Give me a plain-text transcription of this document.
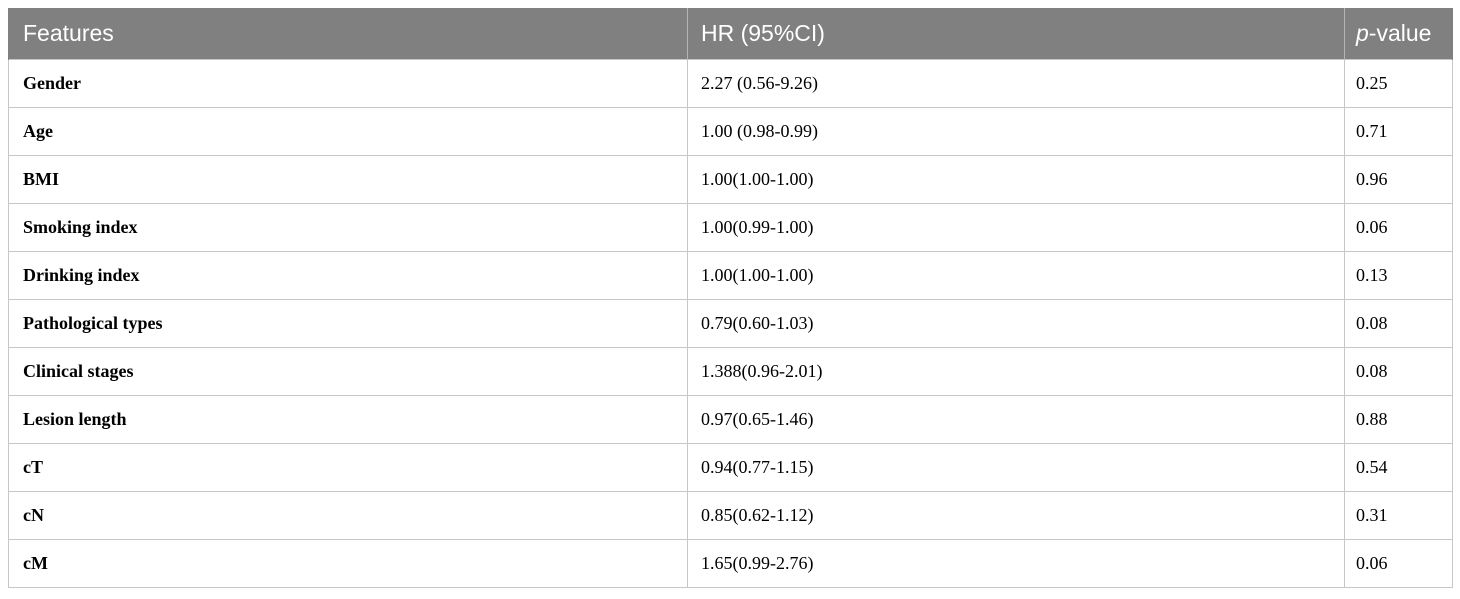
Features	HR (95%CI)	p-value
Gender	2.27 (0.56-9.26)	0.25
Age	1.00 (0.98-0.99)	0.71
BMI	1.00(1.00-1.00)	0.96
Smoking index	1.00(0.99-1.00)	0.06
Drinking index	1.00(1.00-1.00)	0.13
Pathological types	0.79(0.60-1.03)	0.08
Clinical stages	1.388(0.96-2.01)	0.08
Lesion length	0.97(0.65-1.46)	0.88
cT	0.94(0.77-1.15)	0.54
cN	0.85(0.62-1.12)	0.31
cM	1.65(0.99-2.76)	0.06
